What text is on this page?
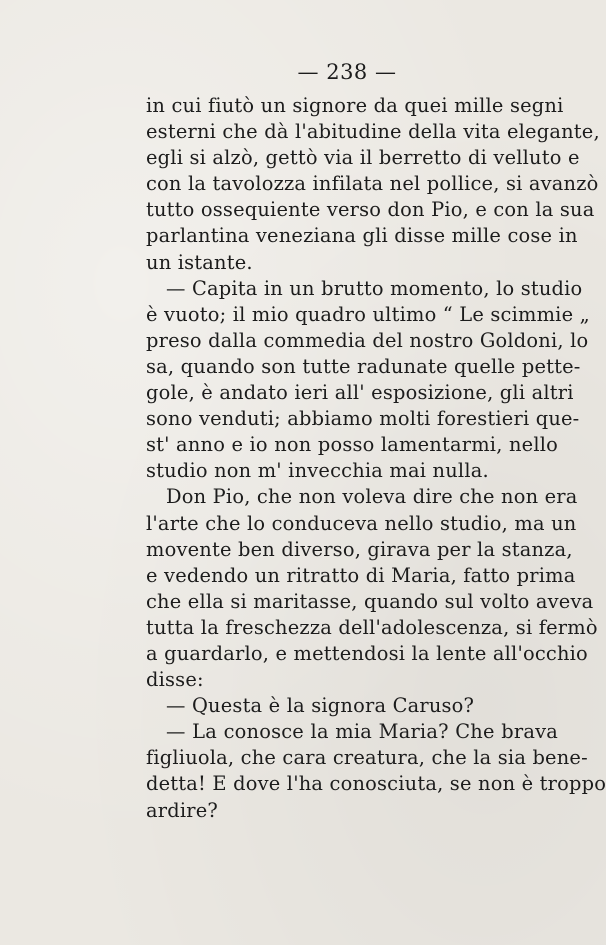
— 238 —
in cui fiutò un signore da quei mille segni
esterni che dà l'abitudine della vita elegante,
egli si alzò, gettò via il berretto di velluto e
con la tavolozza infilata nel pollice, si avanzò
tutto ossequiente verso don Pio, e con la sua
parlantina veneziana gli disse mille cose in
un istante.
— Capita in un brutto momento, lo studio
è vuoto; il mio quadro ultimo “ Le scimmie „
preso dalla commedia del nostro Goldoni, lo
sa, quando son tutte radunate quelle pette-
gole, è andato ieri all' esposizione, gli altri
sono venduti; abbiamo molti forestieri que-
st' anno e io non posso lamentarmi, nello
studio non m' invecchia mai nulla.
Don Pio, che non voleva dire che non era
l'arte che lo conduceva nello studio, ma un
movente ben diverso, girava per la stanza,
e vedendo un ritratto di Maria, fatto prima
che ella si maritasse, quando sul volto aveva
tutta la freschezza dell'adolescenza, si fermò
a guardarlo, e mettendosi la lente all'occhio
disse:
— Questa è la signora Caruso?
— La conosce la mia Maria? Che brava
figliuola, che cara creatura, che la sia bene-
detta! E dove l'ha conosciuta, se non è troppo
ardire?
